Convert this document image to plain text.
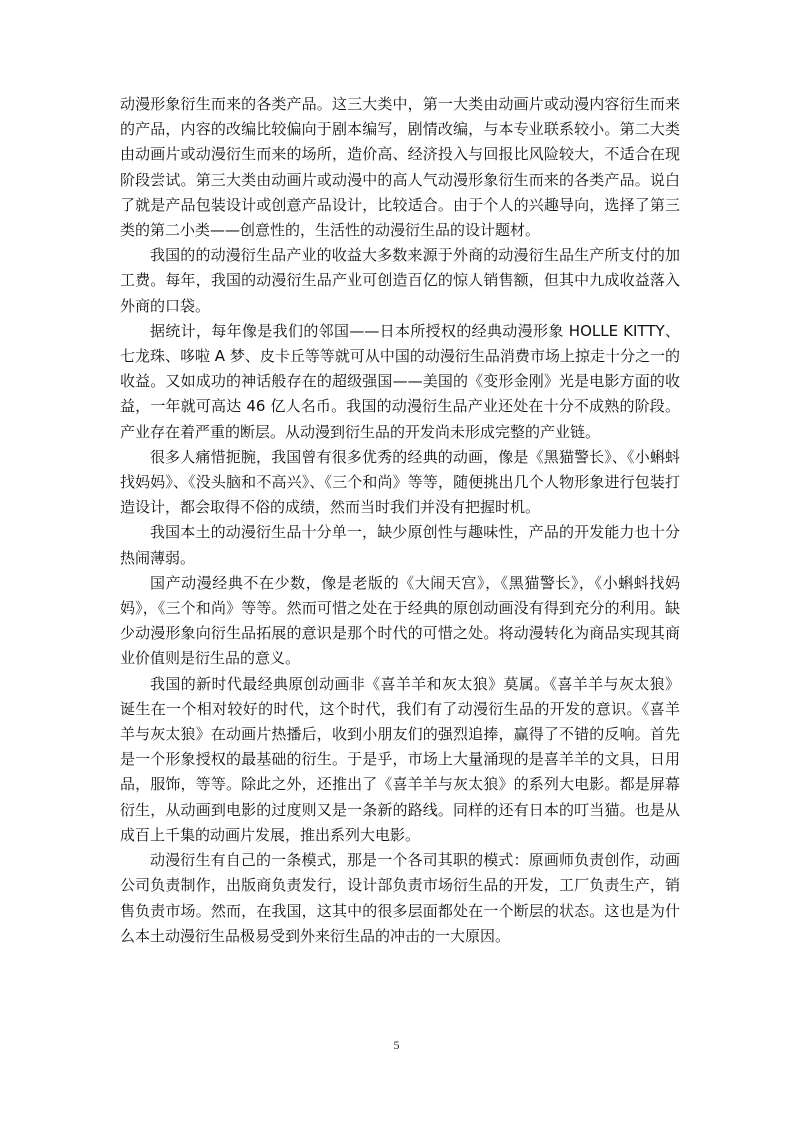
动漫形象衍生而来的各类产品。这三大类中，第一大类由动画片或动漫内容衍生而来的产品，内容的改编比较偏向于剧本编写，剧情改编，与本专业联系较小。第二大类由动画片或动漫衍生而来的场所，造价高、经济投入与回报比风险较大，不适合在现阶段尝试。第三大类由动画片或动漫中的高人气动漫形象衍生而来的各类产品。说白了就是产品包装设计或创意产品设计，比较适合。由于个人的兴趣导向，选择了第三类的第二小类——创意性的，生活性的动漫衍生品的设计题材。

我国的的动漫衍生品产业的收益大多数来源于外商的动漫衍生品生产所支付的加工费。每年，我国的动漫衍生品产业可创造百亿的惊人销售额，但其中九成收益落入外商的口袋。

据统计，每年像是我们的邻国——日本所授权的经典动漫形象 HOLLE KITTY、七龙珠、哆啦 A 梦、皮卡丘等等就可从中国的动漫衍生品消费市场上掠走十分之一的收益。又如成功的神话般存在的超级强国——美国的《变形金刚》光是电影方面的收益，一年就可高达 46 亿人名币。我国的动漫衍生品产业还处在十分不成熟的阶段。产业存在着严重的断层。从动漫到衍生品的开发尚未形成完整的产业链。

很多人痛惜扼腕，我国曾有很多优秀的经典的动画，像是《黑猫警长》、《小蝌蚪找妈妈》、《没头脑和不高兴》、《三个和尚》等等，随便挑出几个人物形象进行包装打造设计，都会取得不俗的成绩，然而当时我们并没有把握时机。

我国本土的动漫衍生品十分单一，缺少原创性与趣味性，产品的开发能力也十分热闹薄弱。

国产动漫经典不在少数，像是老版的《大闹天宫》，《黑猫警长》，《小蝌蚪找妈妈》，《三个和尚》等等。然而可惜之处在于经典的原创动画没有得到充分的利用。缺少动漫形象向衍生品拓展的意识是那个时代的可惜之处。将动漫转化为商品实现其商业价值则是衍生品的意义。

我国的新时代最经典原创动画非《喜羊羊和灰太狼》莫属。《喜羊羊与灰太狼》诞生在一个相对较好的时代，这个时代，我们有了动漫衍生品的开发的意识。《喜羊羊与灰太狼》在动画片热播后，收到小朋友们的强烈追捧，赢得了不错的反响。首先是一个形象授权的最基础的衍生。于是乎，市场上大量涌现的是喜羊羊的文具，日用品，服饰，等等。除此之外，还推出了《喜羊羊与灰太狼》的系列大电影。都是屏幕衍生，从动画到电影的过度则又是一条新的路线。同样的还有日本的叮当猫。也是从成百上千集的动画片发展，推出系列大电影。

动漫衍生有自己的一条模式，那是一个各司其职的模式：原画师负责创作，动画公司负责制作，出版商负责发行，设计部负责市场衍生品的开发，工厂负责生产，销售负责市场。然而，在我国，这其中的很多层面都处在一个断层的状态。这也是为什么本土动漫衍生品极易受到外来衍生品的冲击的一大原因。

5
